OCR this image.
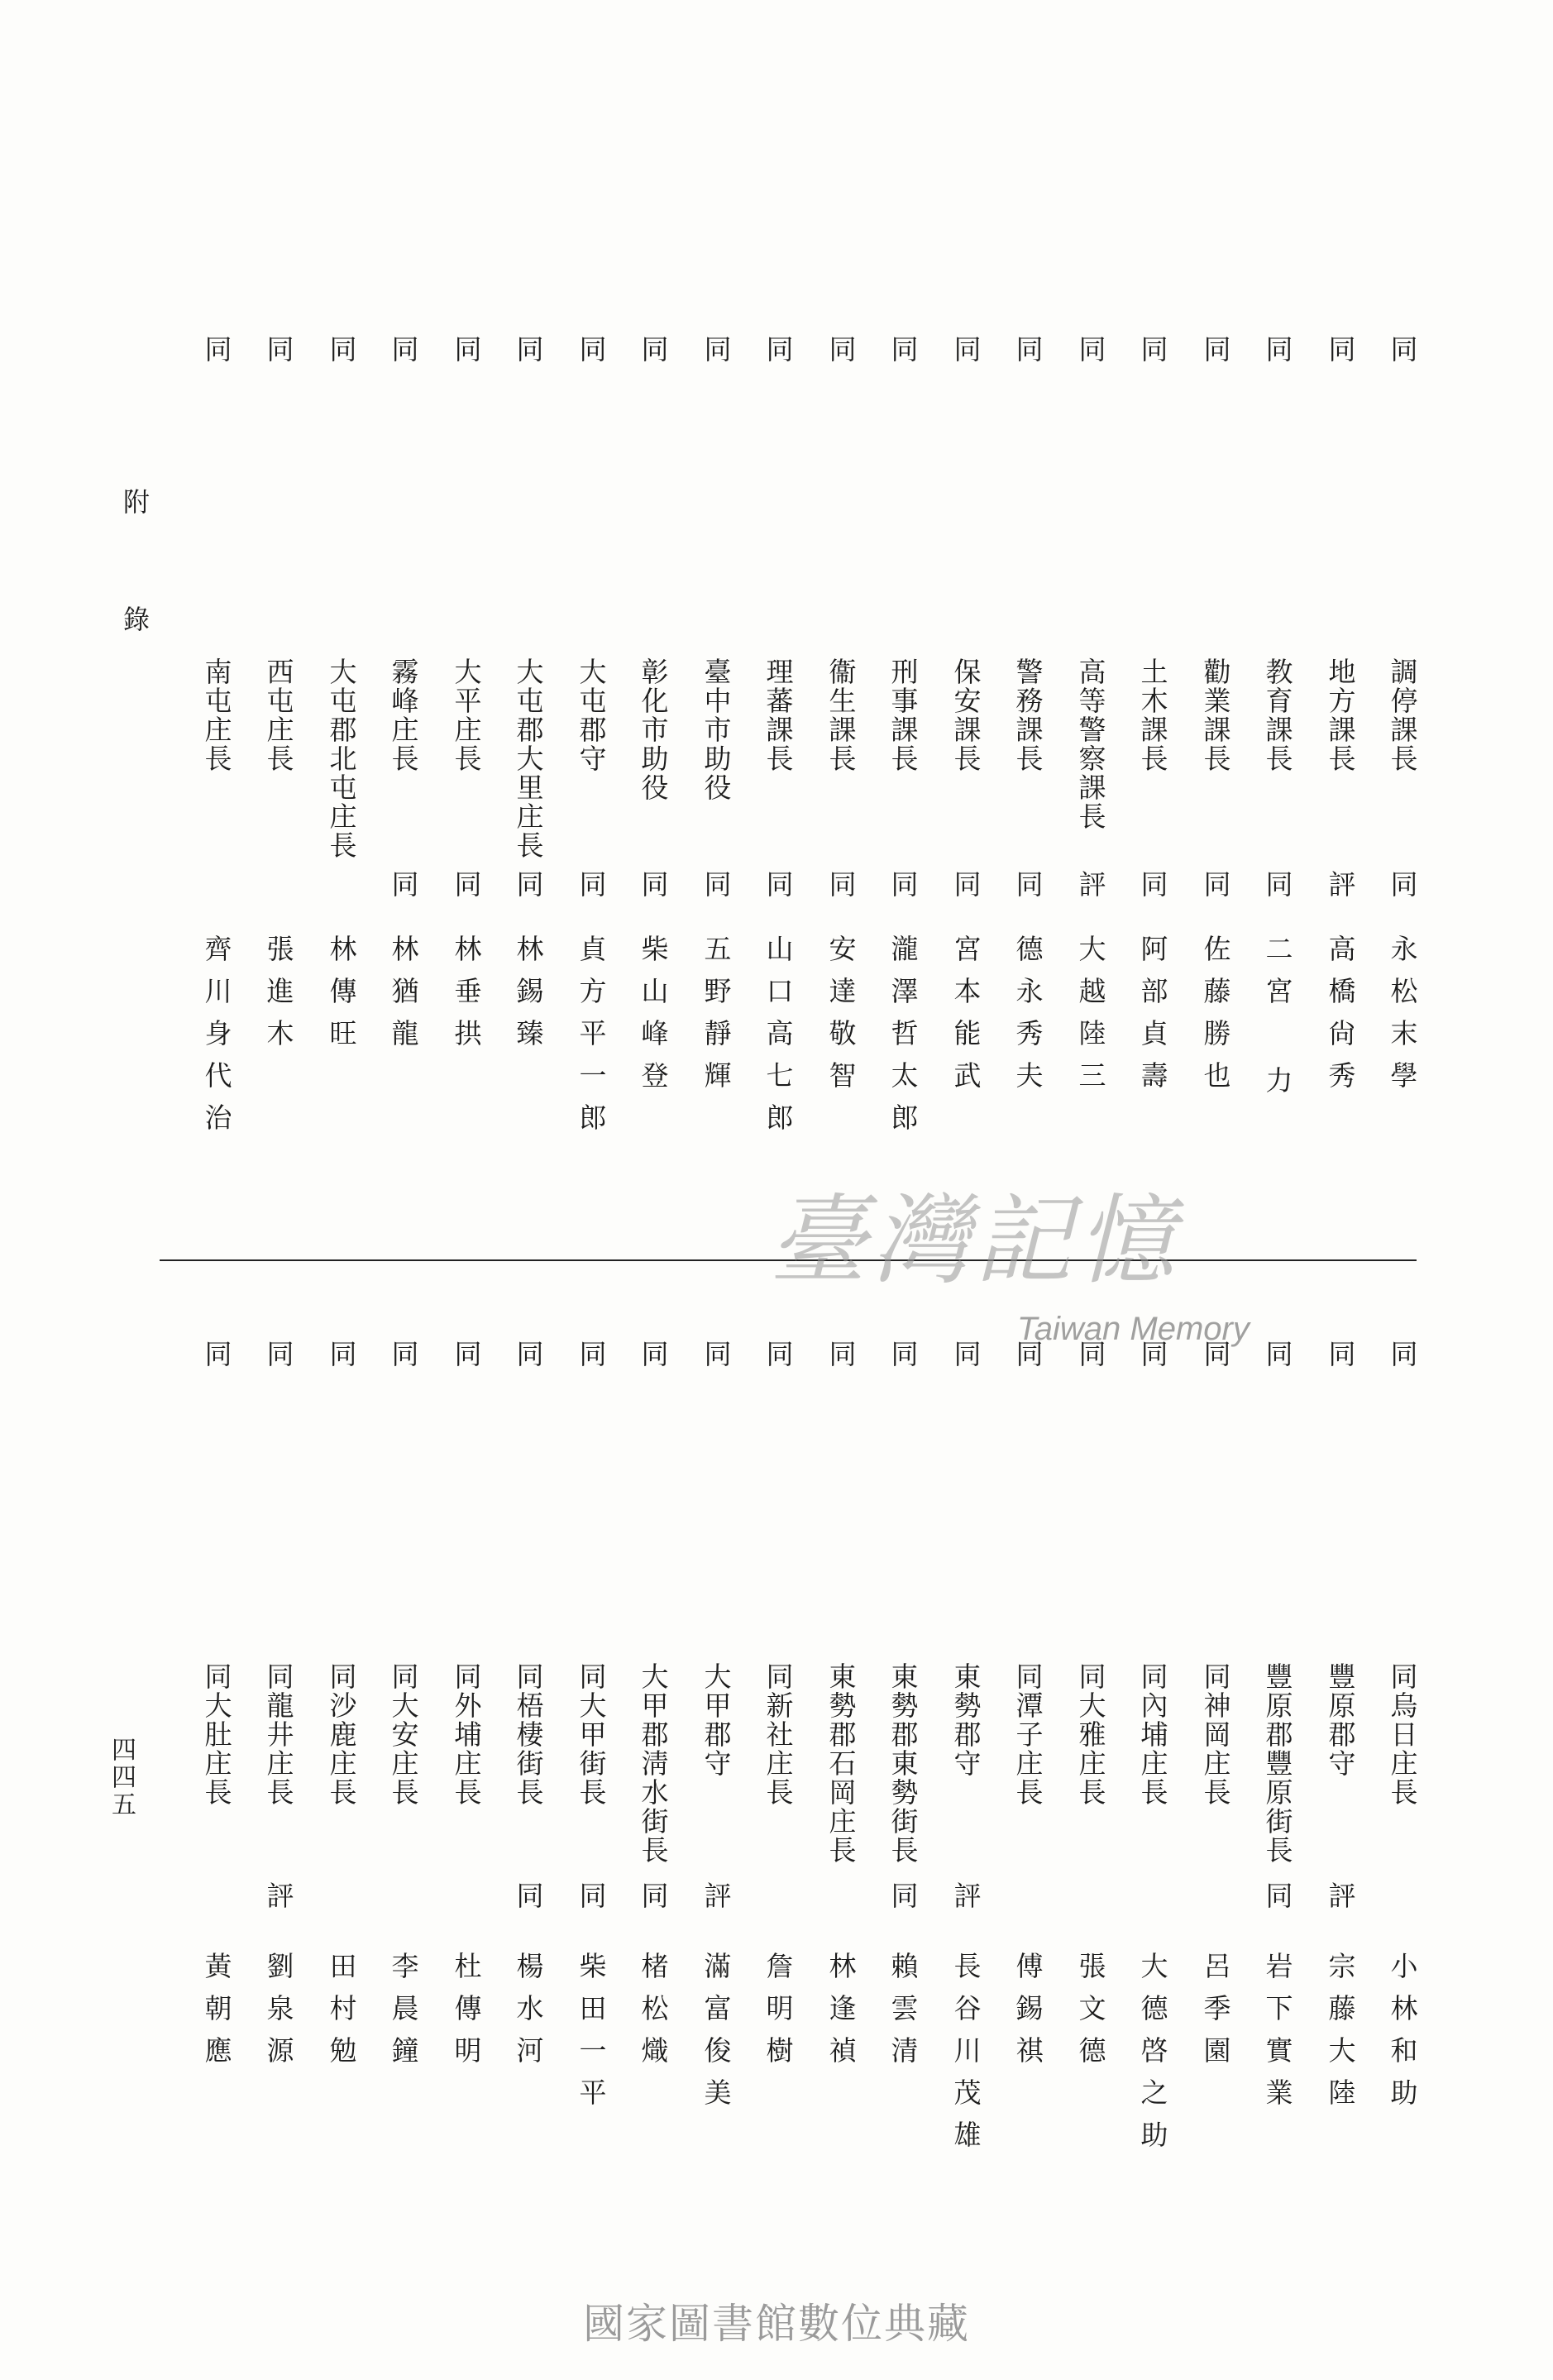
附錄
四四五
臺灣記憶
Taiwan Memory
同
調停課長
同
永松末學
同
地方課長
評
高橋尙秀
同
教育課長
同
二宮 力
同
勸業課長
同
佐藤勝也
同
土木課長
同
阿部貞壽
同
高等警察課長
評
大越陸三
同
警務課長
同
德永秀夫
同
保安課長
同
宮本能武
同
刑事課長
同
瀧澤哲太郎
同
衞生課長
同
安達敬智
同
理蕃課長
同
山口高七郎
同
臺中市助役
同
五野靜輝
同
彰化市助役
同
柴山峰登
同
大屯郡守
同
貞方平一郎
同
大屯郡大里庄長
同
林錫臻
同
大平庄長
同
林垂拱
同
霧峰庄長
同
林猶龍
同
大屯郡北屯庄長
林傳旺
同
西屯庄長
張進木
同
南屯庄長
齊川身代治
同
同烏日庄長
小林和助
同
豐原郡守
評
宗藤大陸
同
豐原郡豐原街長
同
岩下實業
同
同神岡庄長
呂季園
同
同內埔庄長
大德啓之助
同
同大雅庄長
張文德
同
同潭子庄長
傅錫祺
同
東勢郡守
評
長谷川茂雄
同
東勢郡東勢街長
同
賴雲清
同
東勢郡石岡庄長
林逢禎
同
同新社庄長
詹明樹
同
大甲郡守
評
滿富俊美
同
大甲郡淸水街長
同
楮松熾
同
同大甲街長
同
柴田一平
同
同梧棲街長
同
楊水河
同
同外埔庄長
杜傳明
同
同大安庄長
李晨鐘
同
同沙鹿庄長
田村勉
同
同龍井庄長
評
劉泉源
同
同大肚庄長
黃朝應
國家圖書館數位典藏
